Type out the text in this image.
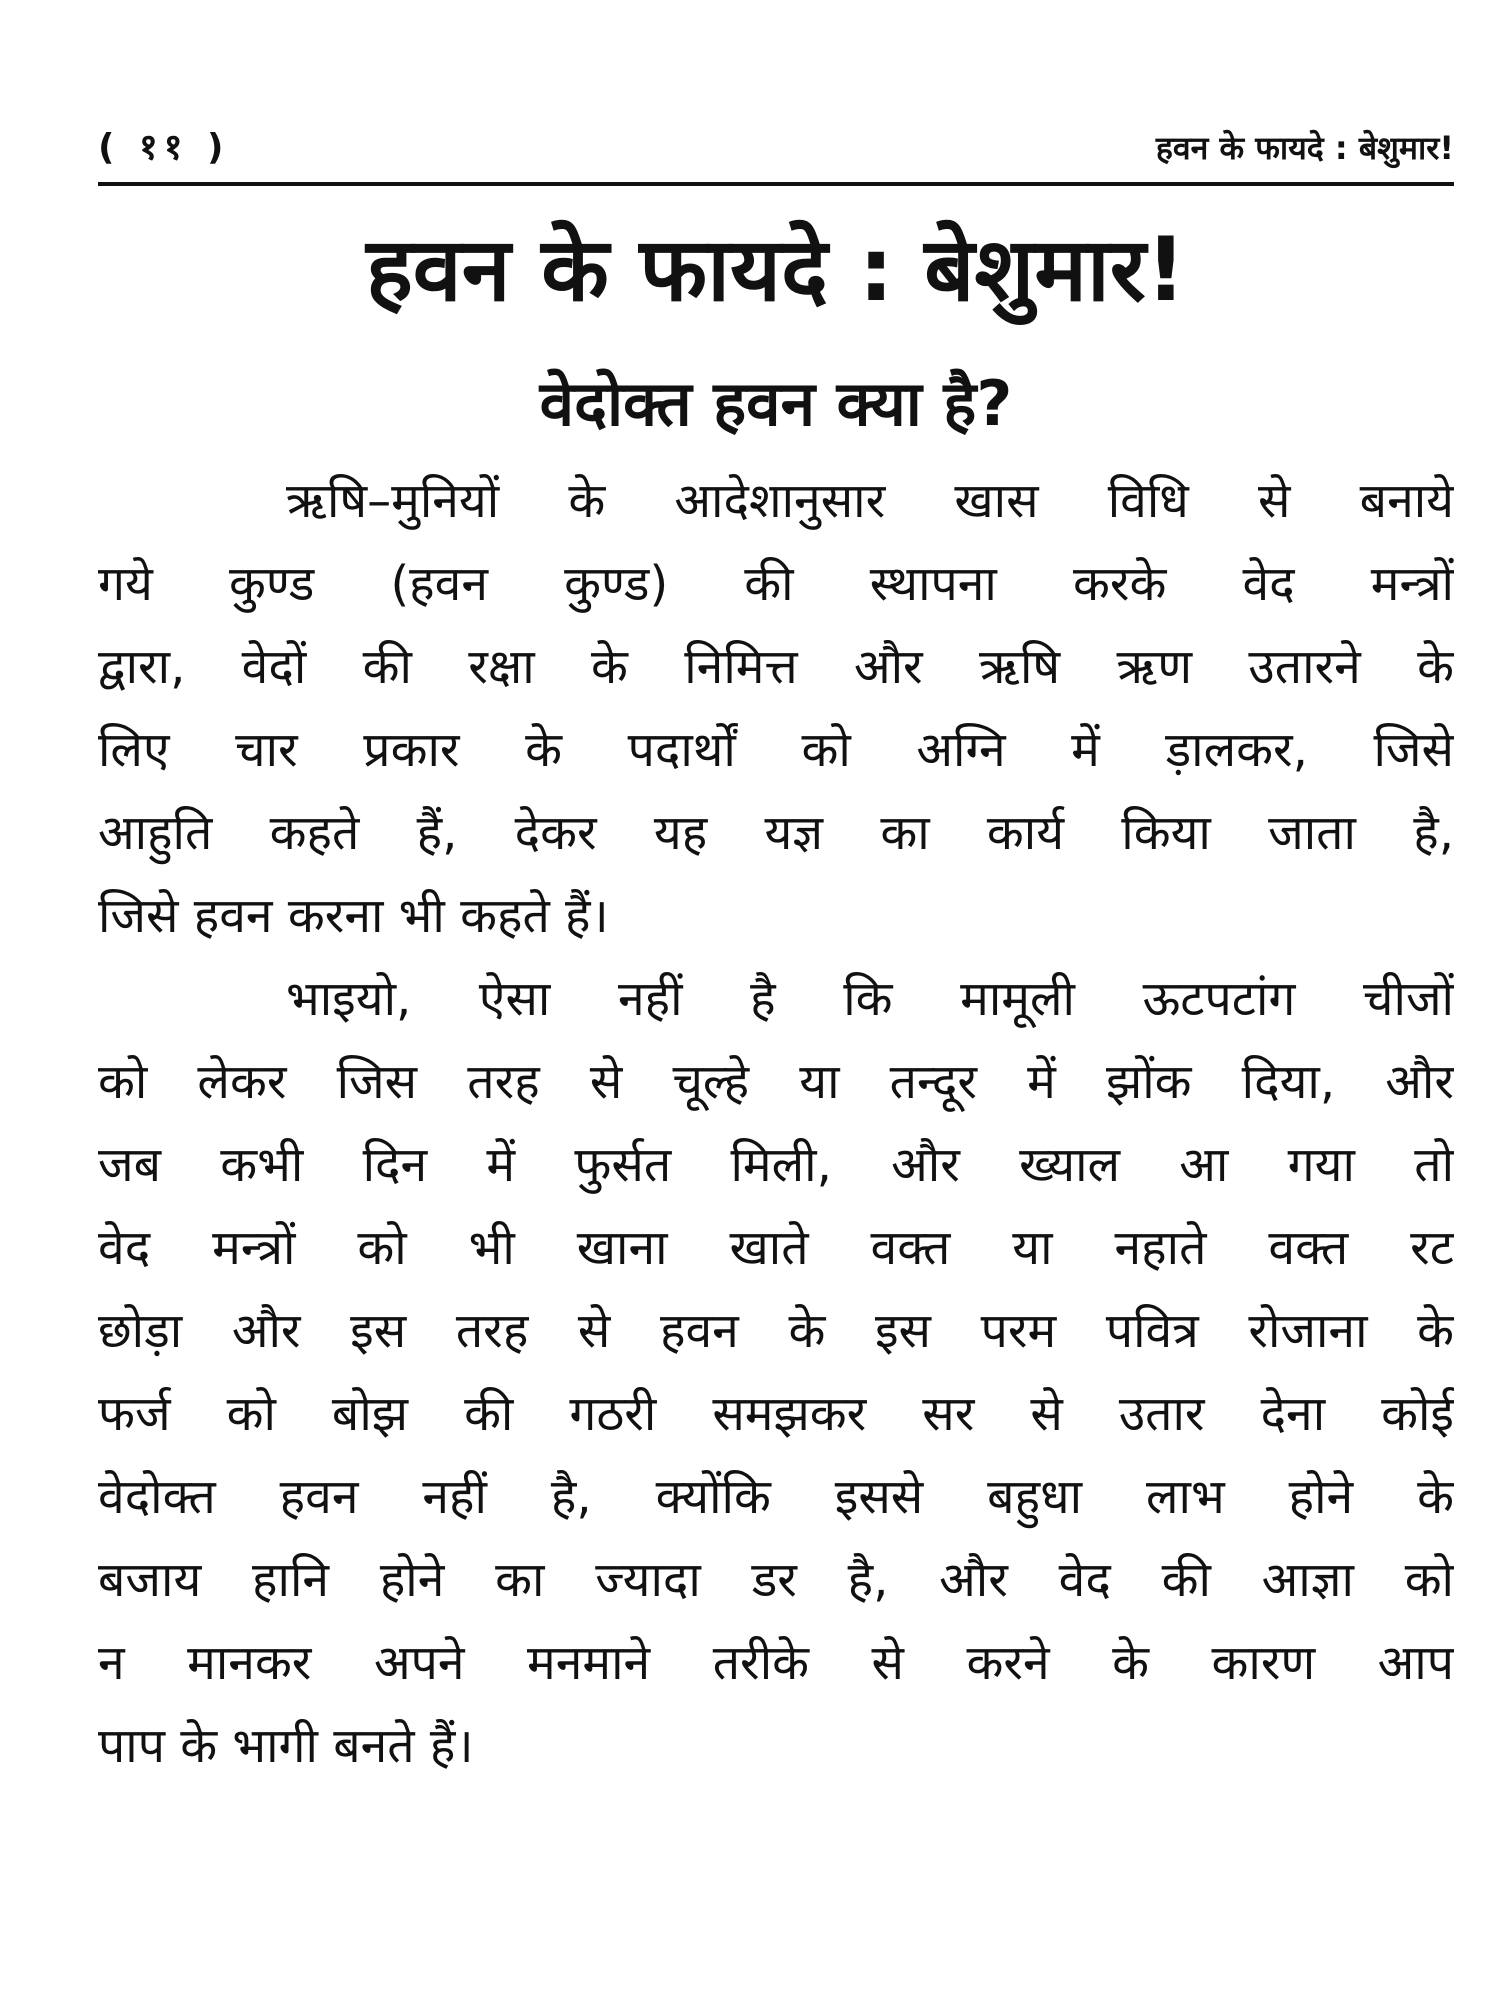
( ११ )	हवन के फायदे : बेशुमार!
हवन के फायदे : बेशुमार!
वेदोक्त हवन क्या है?
ऋषि–मुनियों के आदेशानुसार खास विधि से बनाये
गये कुण्ड (हवन कुण्ड) की स्थापना करके वेद मन्त्रों
द्वारा, वेदों की रक्षा के निमित्त और ऋषि ऋण उतारने के
लिए चार प्रकार के पदार्थों को अग्नि में ड़ालकर, जिसे
आहुति कहते हैं, देकर यह यज्ञ का कार्य किया जाता है,
जिसे हवन करना भी कहते हैं।
भाइयो, ऐसा नहीं है कि मामूली ऊटपटांग चीजों
को लेकर जिस तरह से चूल्हे या तन्दूर में झोंक दिया, और
जब कभी दिन में फुर्सत मिली, और ख्याल आ गया तो
वेद मन्त्रों को भी खाना खाते वक्त या नहाते वक्त रट
छोड़ा और इस तरह से हवन के इस परम पवित्र रोजाना के
फर्ज को बोझ की गठरी समझकर सर से उतार देना कोई
वेदोक्त हवन नहीं है, क्योंकि इससे बहुधा लाभ होने के
बजाय हानि होने का ज्यादा डर है, और वेद की आज्ञा को
न मानकर अपने मनमाने तरीके से करने के कारण आप
पाप के भागी बनते हैं।
